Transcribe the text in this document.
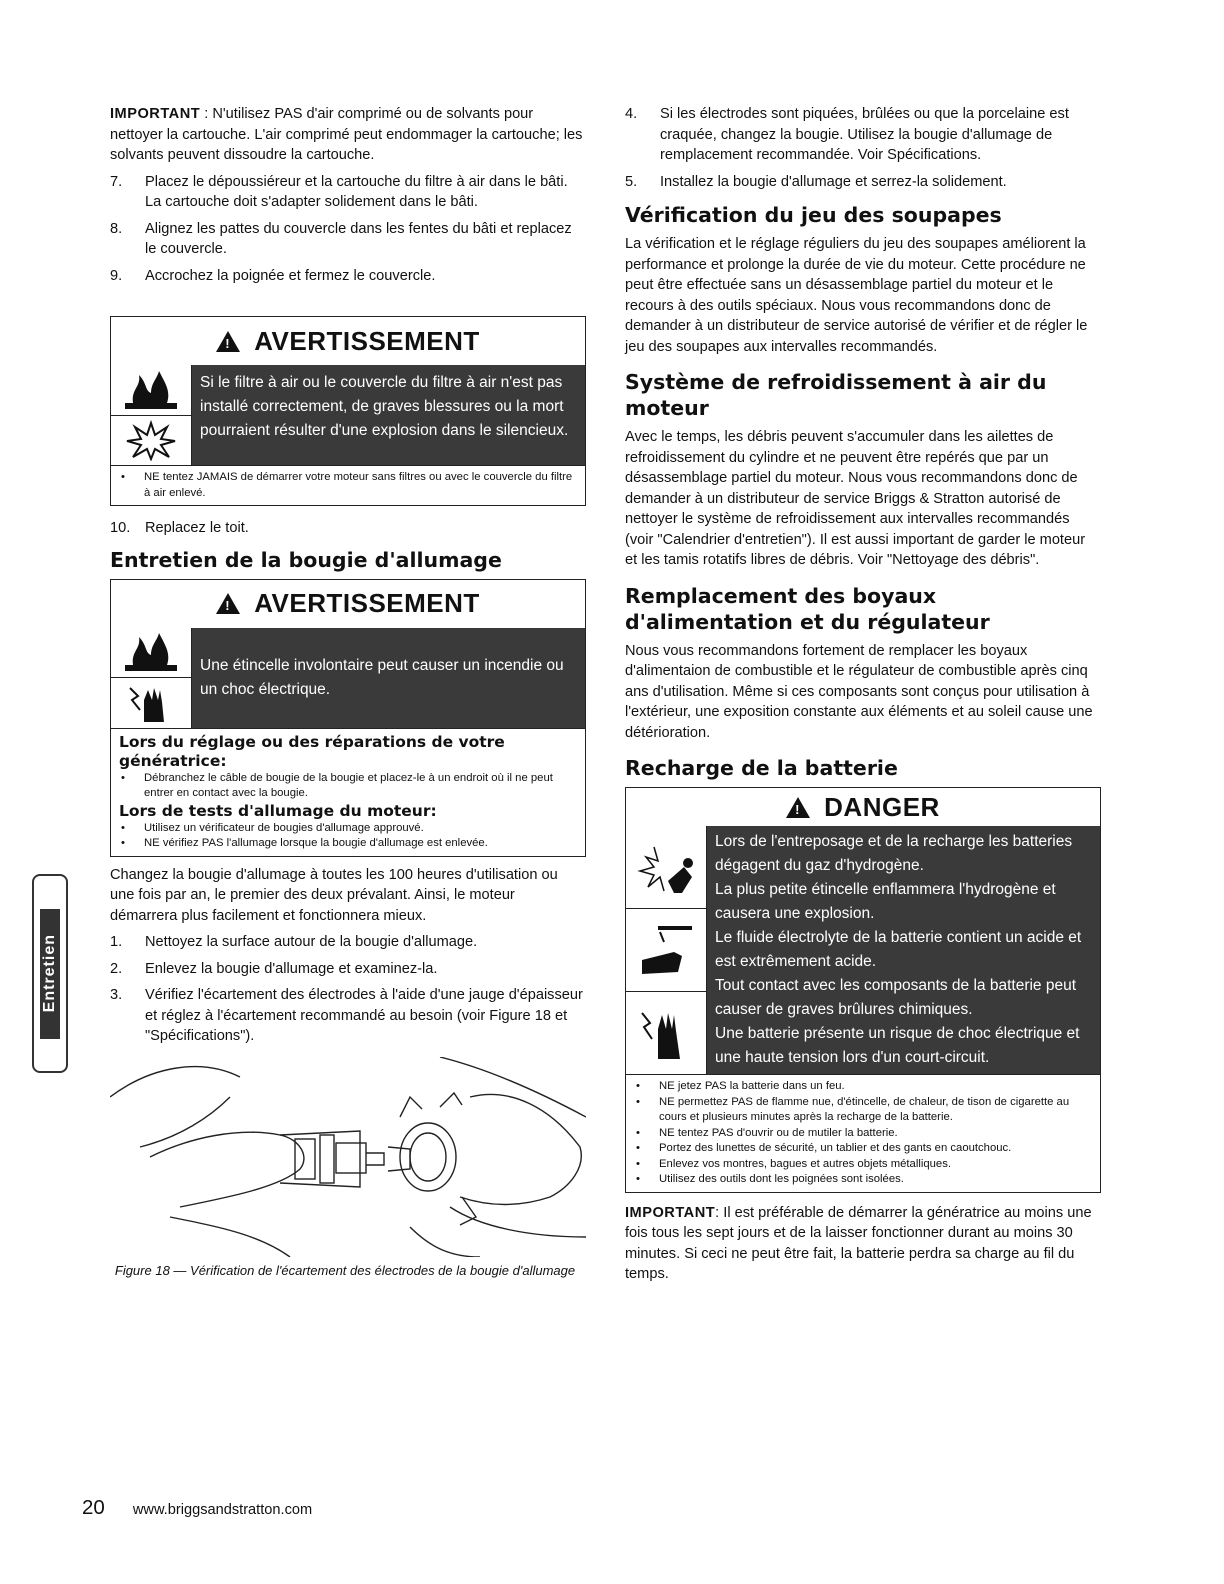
Entretien

IMPORTANT : N'utilisez PAS d'air comprimé ou de solvants pour nettoyer la cartouche. L'air comprimé peut endommager la cartouche; les solvants peuvent dissoudre la cartouche.

7. Placez le dépoussiéreur et la cartouche du filtre à air dans le bâti. La cartouche doit s'adapter solidement dans le bâti.
8. Alignez les pattes du couvercle dans les fentes du bâti et replacez le couvercle.
9. Accrochez la poignée et fermez le couvercle.
! AVERTISSEMENT
Si le filtre à air ou le couvercle du filtre à air n'est pas installé correctement, de graves blessures ou la mort pourraient résulter d'une explosion dans le silencieux.
• NE tentez JAMAIS de démarrer votre moteur sans filtres ou avec le couvercle du filtre à air enlevé.
10. Replacez le toit.
Entretien de la bougie d'allumage
! AVERTISSEMENT
Une étincelle involontaire peut causer un incendie ou un choc électrique.
Lors du réglage ou des réparations de votre génératrice:
• Débranchez le câble de bougie de la bougie et placez-le à un endroit où il ne peut entrer en contact avec la bougie.
Lors de tests d'allumage du moteur:
• Utilisez un vérificateur de bougies d'allumage approuvé.
• NE vérifiez PAS l'allumage lorsque la bougie d'allumage est enlevée.

Changez la bougie d'allumage à toutes les 100 heures d'utilisation ou une fois par an, le premier des deux prévalant. Ainsi, le moteur démarrera plus facilement et fonctionnera mieux.

1. Nettoyez la surface autour de la bougie d'allumage.
2. Enlevez la bougie d'allumage et examinez-la.
3. Vérifiez l'écartement des électrodes à l'aide d'une jauge d'épaisseur et réglez à l'écartement recommandé au besoin (voir Figure 18 et "Spécifications").

Figure 18 — Vérification de l'écartement des électrodes de la bougie d'allumage

4. Si les électrodes sont piquées, brûlées ou que la porcelaine est craquée, changez la bougie. Utilisez la bougie d'allumage de remplacement recommandée. Voir Spécifications.
5. Installez la bougie d'allumage et serrez-la solidement.
Vérification du jeu des soupapes

La vérification et le réglage réguliers du jeu des soupapes améliorent la performance et prolonge la durée de vie du moteur. Cette procédure ne peut être effectuée sans un désassemblage partiel du moteur et le recours à des outils spéciaux. Nous vous recommandons donc de demander à un distributeur de service autorisé de vérifier et de régler le jeu des soupapes aux intervalles recommandés.

Système de refroidissement à air du moteur

Avec le temps, les débris peuvent s'accumuler dans les ailettes de refroidissement du cylindre et ne peuvent être repérés que par un désassemblage partiel du moteur. Nous vous recommandons donc de demander à un distributeur de service Briggs & Stratton autorisé de nettoyer le système de refroidissement aux intervalles recommandés (voir "Calendrier d'entretien"). Il est aussi important de garder le moteur et les tamis rotatifs libres de débris. Voir "Nettoyage des débris".

Remplacement des boyaux d'alimentation et du régulateur

Nous vous recommandons fortement de remplacer les boyaux d'alimentaion de combustible et le régulateur de combustible après cinq ans d'utilisation. Même si ces composants sont conçus pour utilisation à l'extérieur, une exposition constante aux éléments et au soleil cause une détérioration.

Recharge de la batterie
! DANGER
Lors de l'entreposage et de la recharge les batteries dégagent du gaz d'hydrogène.
La plus petite étincelle enflammera l'hydrogène et causera une explosion.
Le fluide électrolyte de la batterie contient un acide et est extrêmement acide.
Tout contact avec les composants de la batterie peut causer de graves brûlures chimiques.
Une batterie présente un risque de choc électrique et une haute tension lors d'un court-circuit.
• NE jetez PAS la batterie dans un feu.
• NE permettez PAS de flamme nue, d'étincelle, de chaleur, de tison de cigarette au cours et plusieurs minutes après la recharge de la batterie.
• NE tentez PAS d'ouvrir ou de mutiler la batterie.
• Portez des lunettes de sécurité, un tablier et des gants en caoutchouc.
• Enlevez vos montres, bagues et autres objets métalliques.
• Utilisez des outils dont les poignées sont isolées.

IMPORTANT: Il est préférable de démarrer la génératrice au moins une fois tous les sept jours et de la laisser fonctionner durant au moins 30 minutes. Si ceci ne peut être fait, la batterie perdra sa charge au fil du temps.

20 www.briggsandstratton.com
